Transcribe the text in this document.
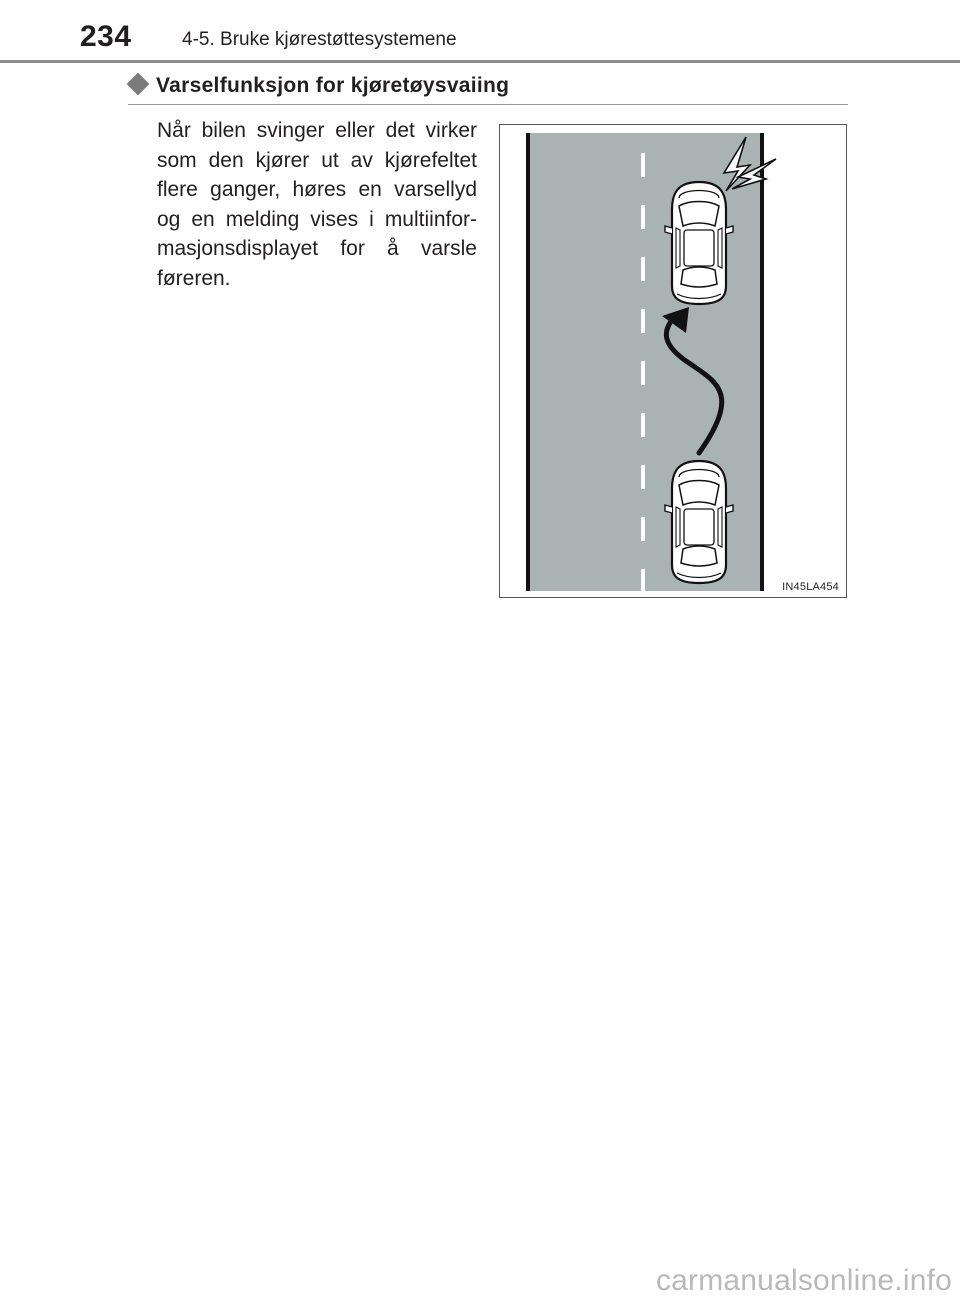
234	4-5. Bruke kjørestøttesystemene
Varselfunksjon for kjøretøysvaiing
Når bilen svinger eller det virker som den kjører ut av kjørefeltet flere ganger, høres en varsellyd og en melding vises i multiinfor-masjonsdisplayet for å varsle føreren.
IN45LA454
carmanualsonline.info
